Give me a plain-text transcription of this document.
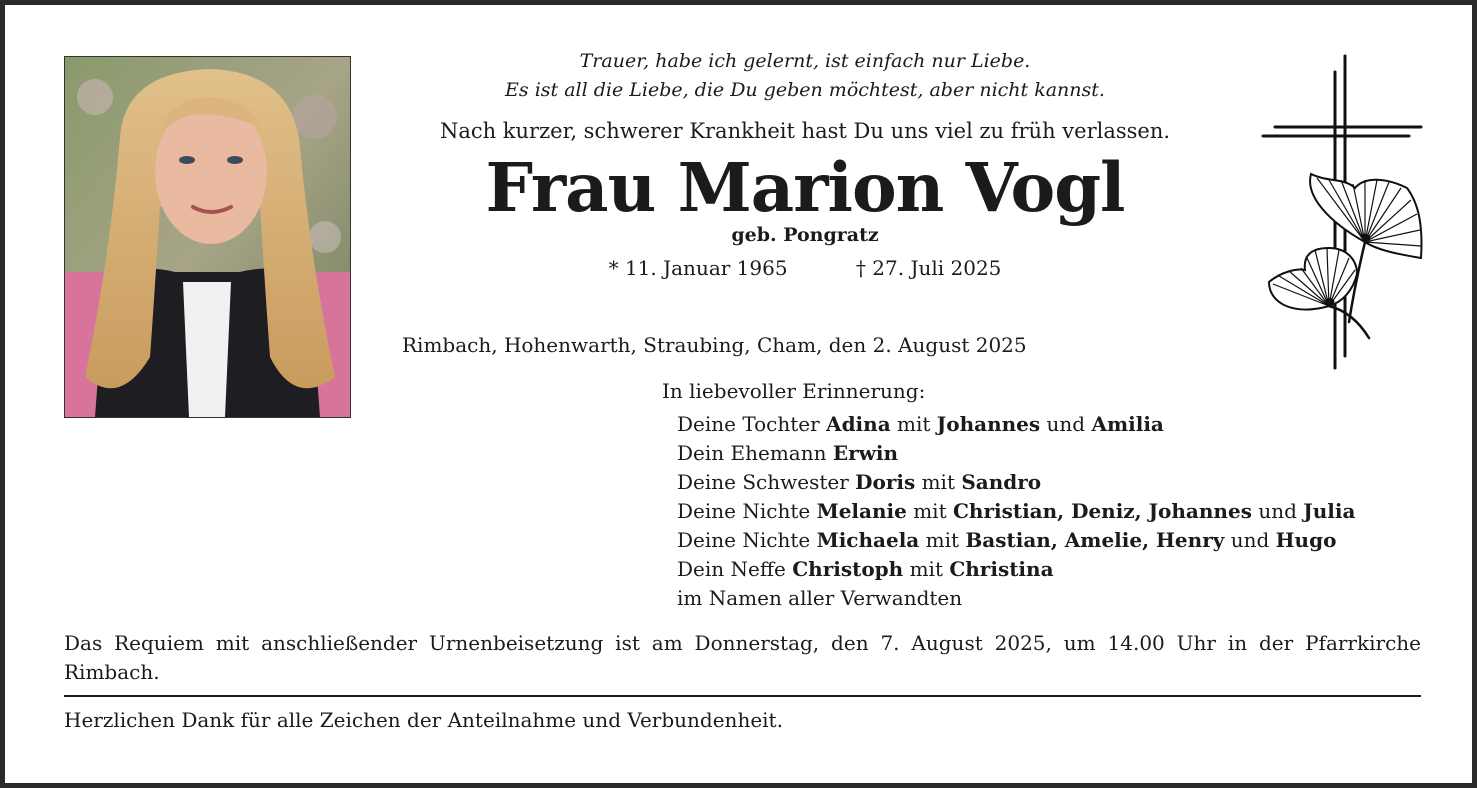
Trauer, habe ich gelernt, ist einfach nur Liebe.

Es ist all die Liebe, die Du geben möchtest, aber nicht kannst.

Nach kurzer, schwerer Krankheit hast Du uns viel zu früh verlassen.

Frau Marion Vogl

geb. Pongratz

* 11. Januar 1965	† 27. Juli 2025

Rimbach, Hohenwarth, Straubing, Cham, den 2. August 2025
In liebevoller Erinnerung:
Deine Tochter Adina mit Johannes und Amilia
Dein Ehemann Erwin
Deine Schwester Doris mit Sandro
Deine Nichte Melanie mit Christian, Deniz, Johannes und Julia
Deine Nichte Michaela mit Bastian, Amelie, Henry und Hugo
Dein Neffe Christoph mit Christina
im Namen aller Verwandten
Das Requiem mit anschließender Urnenbeisetzung ist am Donnerstag, den 7. August 2025, um 14.00 Uhr in der Pfarrkirche Rimbach.
Herzlichen Dank für alle Zeichen der Anteilnahme und Verbundenheit.
